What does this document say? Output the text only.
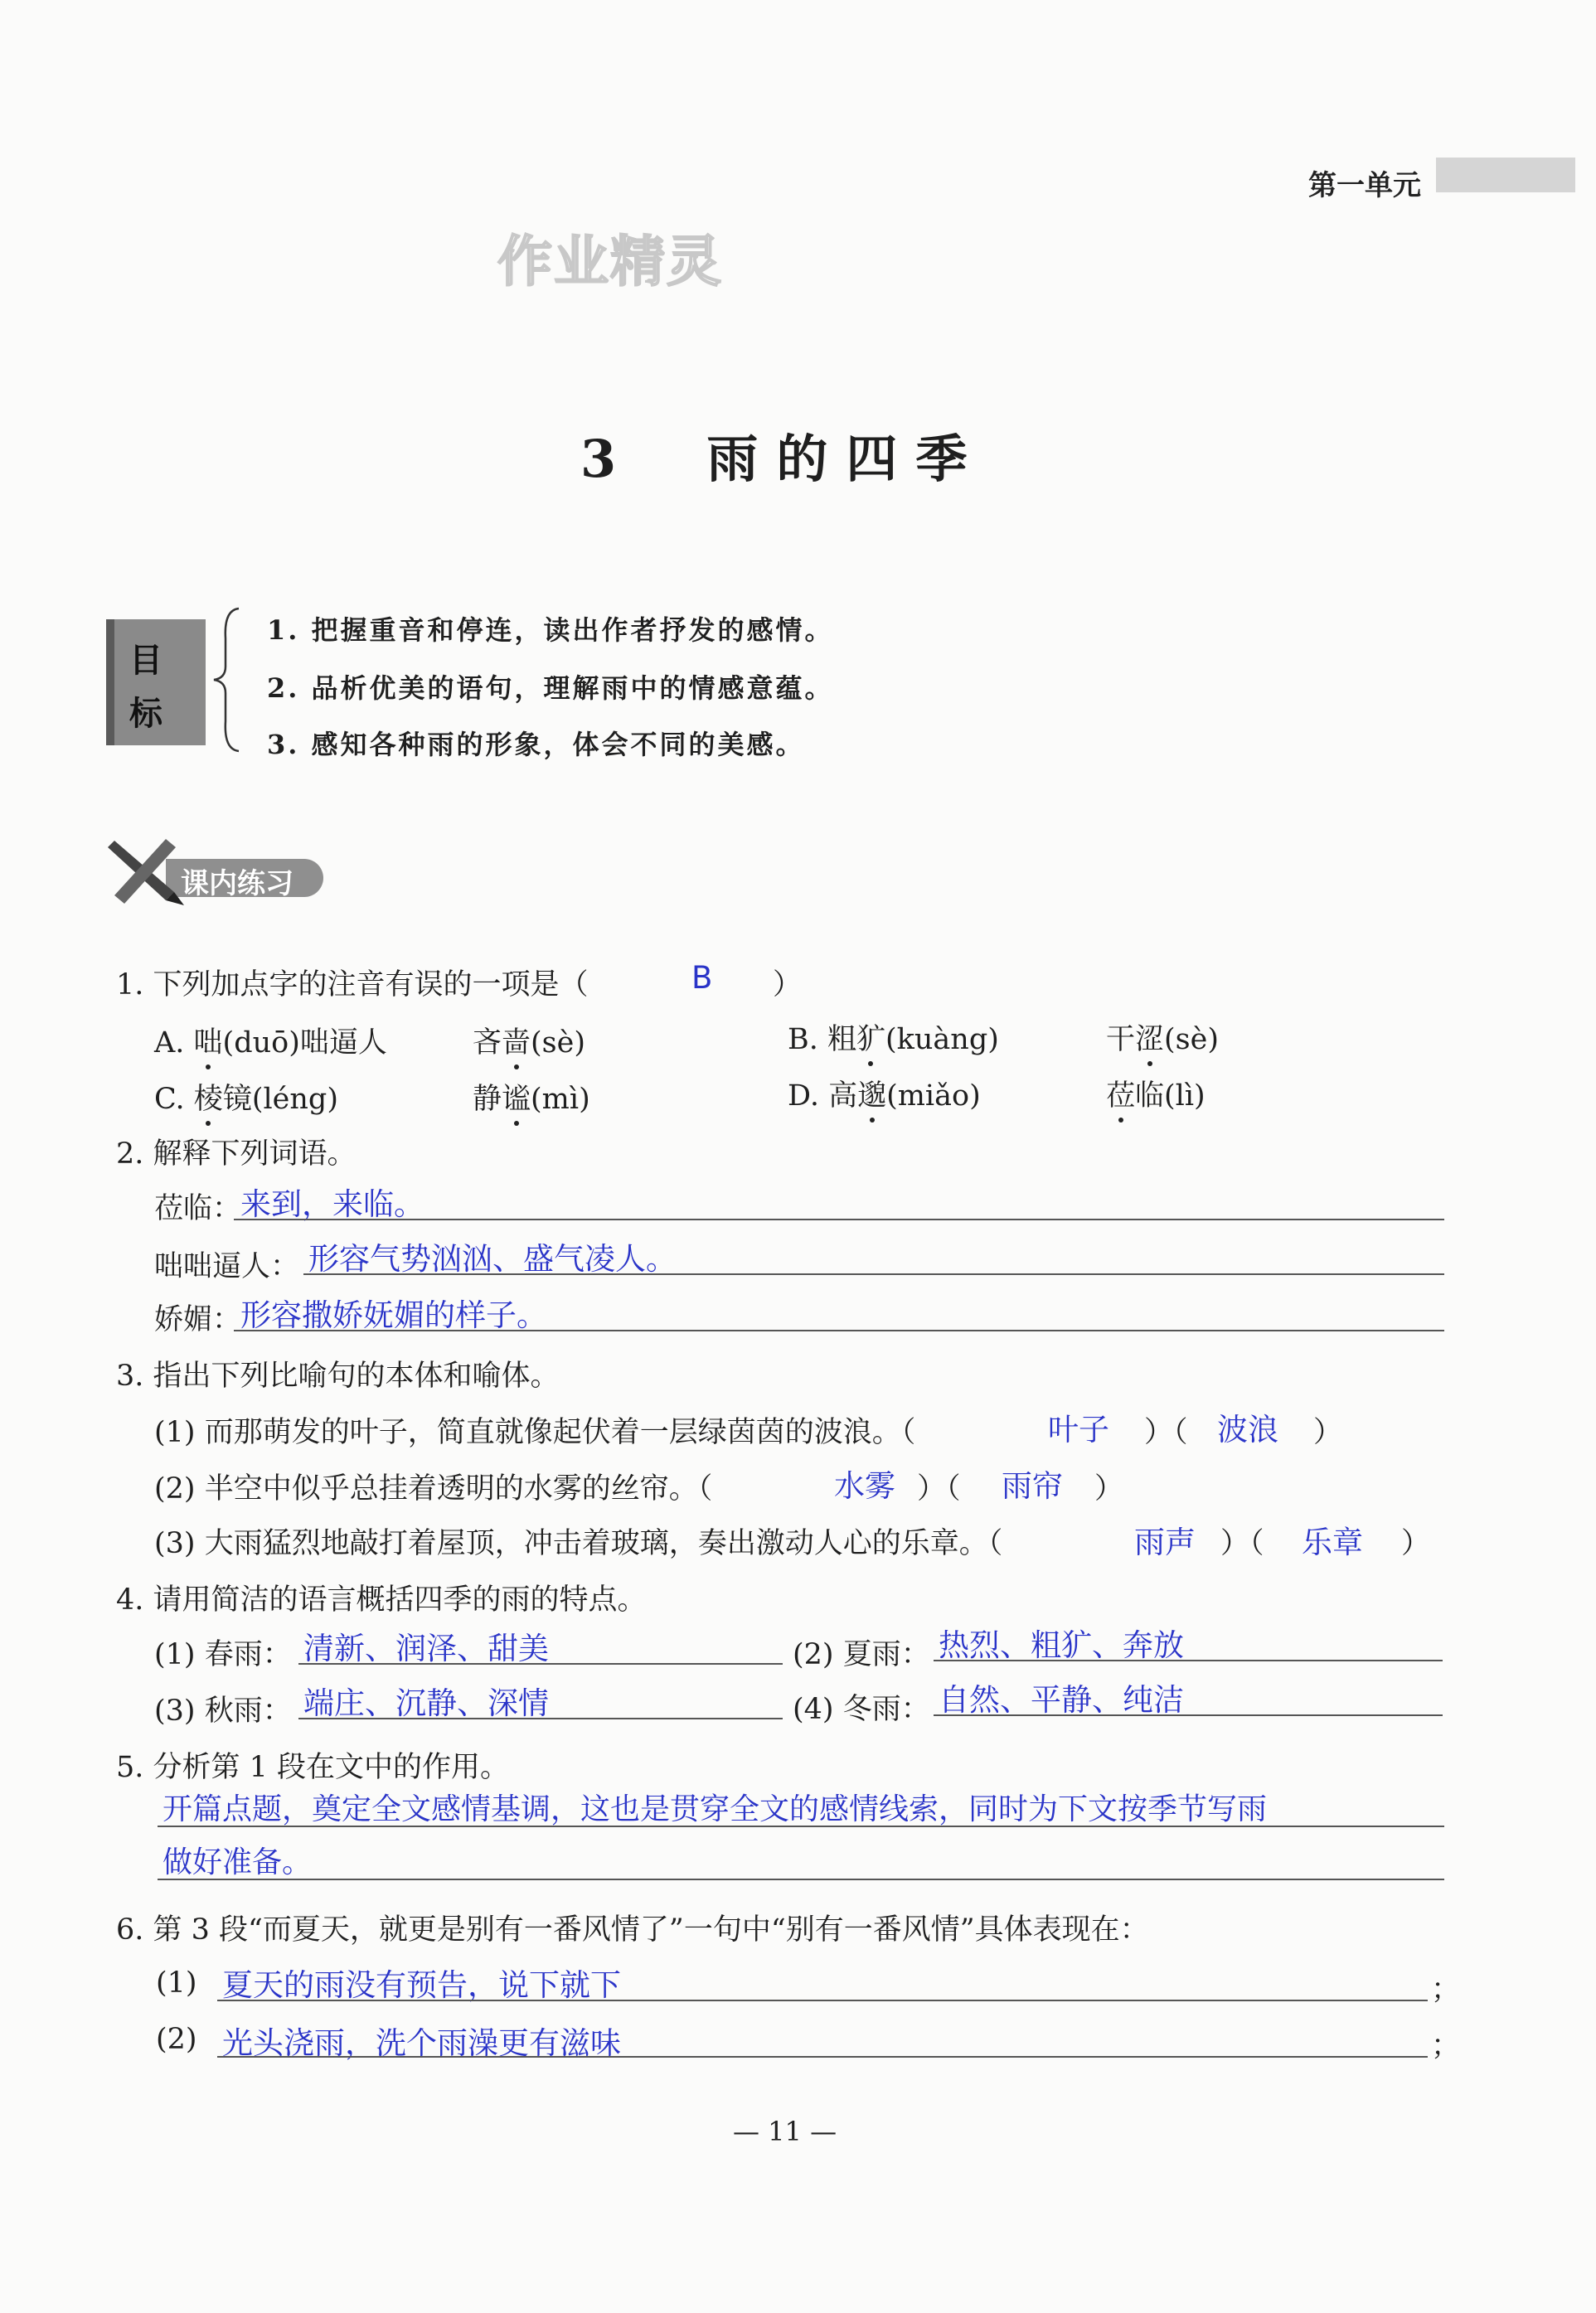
第一单元
作业精灵
3 雨的四季
目
标
1. 把握重音和停连，读出作者抒发的感情。
2. 品析优美的语句，理解雨中的情感意蕴。
3. 感知各种雨的形象，体会不同的美感。
课内练习
1. 下列加点字的注音有误的一项是（	B ）
A. 咄(duō)咄逼人	吝啬(sè)	B. 粗犷(kuàng)	干涩(sè)
C. 棱镜(léng)	静谧(mì)	D. 高邈(miǎo)	莅临(lì)
2. 解释下列词语。
莅临：
来到，来临。
咄咄逼人： 形容气势汹汹、盛气凌人。
娇媚：
形容撒娇妩媚的样子。
3. 指出下列比喻句的本体和喻体。
(1) 而那萌发的叶子，简直就像起伏着一层绿茵茵的波浪。（	叶子 ）（ 波浪 ）
(2) 半空中似乎总挂着透明的水雾的丝帘。（	水雾 ）（ 雨帘 ）
(3) 大雨猛烈地敲打着屋顶，冲击着玻璃，奏出激动人心的乐章。（	雨声 ）（ 乐章 ）
4. 请用简洁的语言概括四季的雨的特点。
(1) 春雨： 清新、润泽、甜美	(2) 夏雨： 热烈、粗犷、奔放
(3) 秋雨： 端庄、沉静、深情	(4) 冬雨： 自然、平静、纯洁
5. 分析第 1 段在文中的作用。
开篇点题，奠定全文感情基调，这也是贯穿全文的感情线索，同时为下文按季节写雨
做好准备。
6. 第 3 段“而夏天，就更是别有一番风情了”一句中“别有一番风情”具体表现在：
(1) 夏天的雨没有预告，说下就下	；
(2) 光头浇雨，洗个雨澡更有滋味	；
— 11 —
